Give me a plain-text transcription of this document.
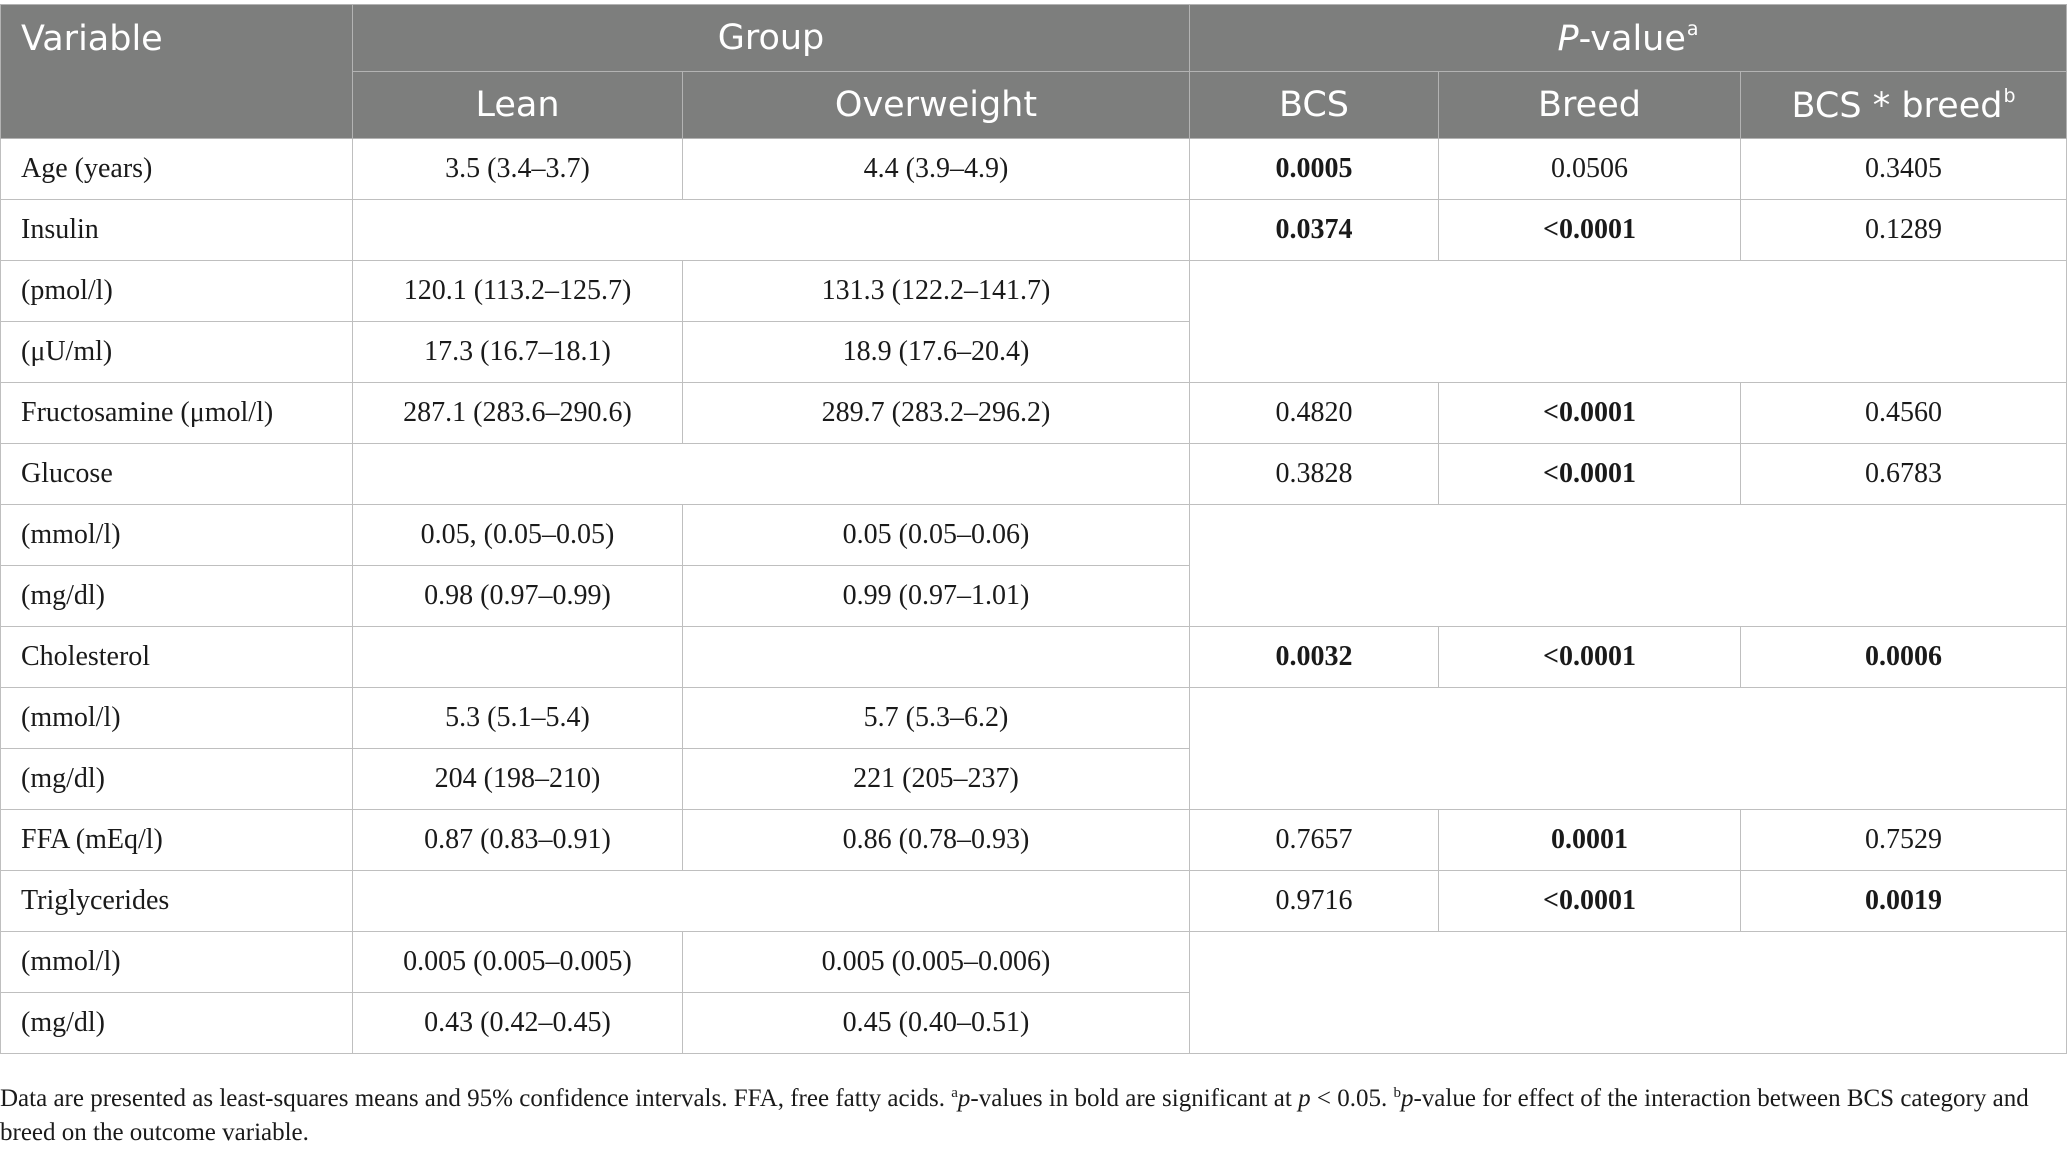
Variable	Group		P-value$^a$
	Lean	Overweight	BCS	Breed	BCS * breed$^b$
Age (years)	3.5 (3.4–3.7)	4.4 (3.9–4.9)	0.0005	0.0506	0.3405
Insulin			0.0374	<0.0001	0.1289
(pmol/l)	120.1 (113.2–125.7)	131.3 (122.2–141.7)			
(μU/ml)	17.3 (16.7–18.1)	18.9 (17.6–20.4)			
Fructosamine (μmol/l)	287.1 (283.6–290.6)	289.7 (283.2–296.2)	0.4820	<0.0001	0.4560
Glucose			0.3828	<0.0001	0.6783
(mmol/l)	0.05, (0.05–0.05)	0.05 (0.05–0.06)			
(mg/dl)	0.98 (0.97–0.99)	0.99 (0.97–1.01)			
Cholesterol			0.0032	<0.0001	0.0006
(mmol/l)	5.3 (5.1–5.4)	5.7 (5.3–6.2)			
(mg/dl)	204 (198–210)	221 (205–237)			
FFA (mEq/l)	0.87 (0.83–0.91)	0.86 (0.78–0.93)	0.7657	0.0001	0.7529
Triglycerides			0.9716	<0.0001	0.0019
(mmol/l)	0.005 (0.005–0.005)	0.005 (0.005–0.006)			
(mg/dl)	0.43 (0.42–0.45)	0.45 (0.40–0.51)			
Data are presented as least-squares means and 95% confidence intervals. FFA, free fatty acids. $^a$p-values in bold are significant at p < 0.05. $^b$p-value for effect of the interaction between BCS category and breed on the outcome variable.
